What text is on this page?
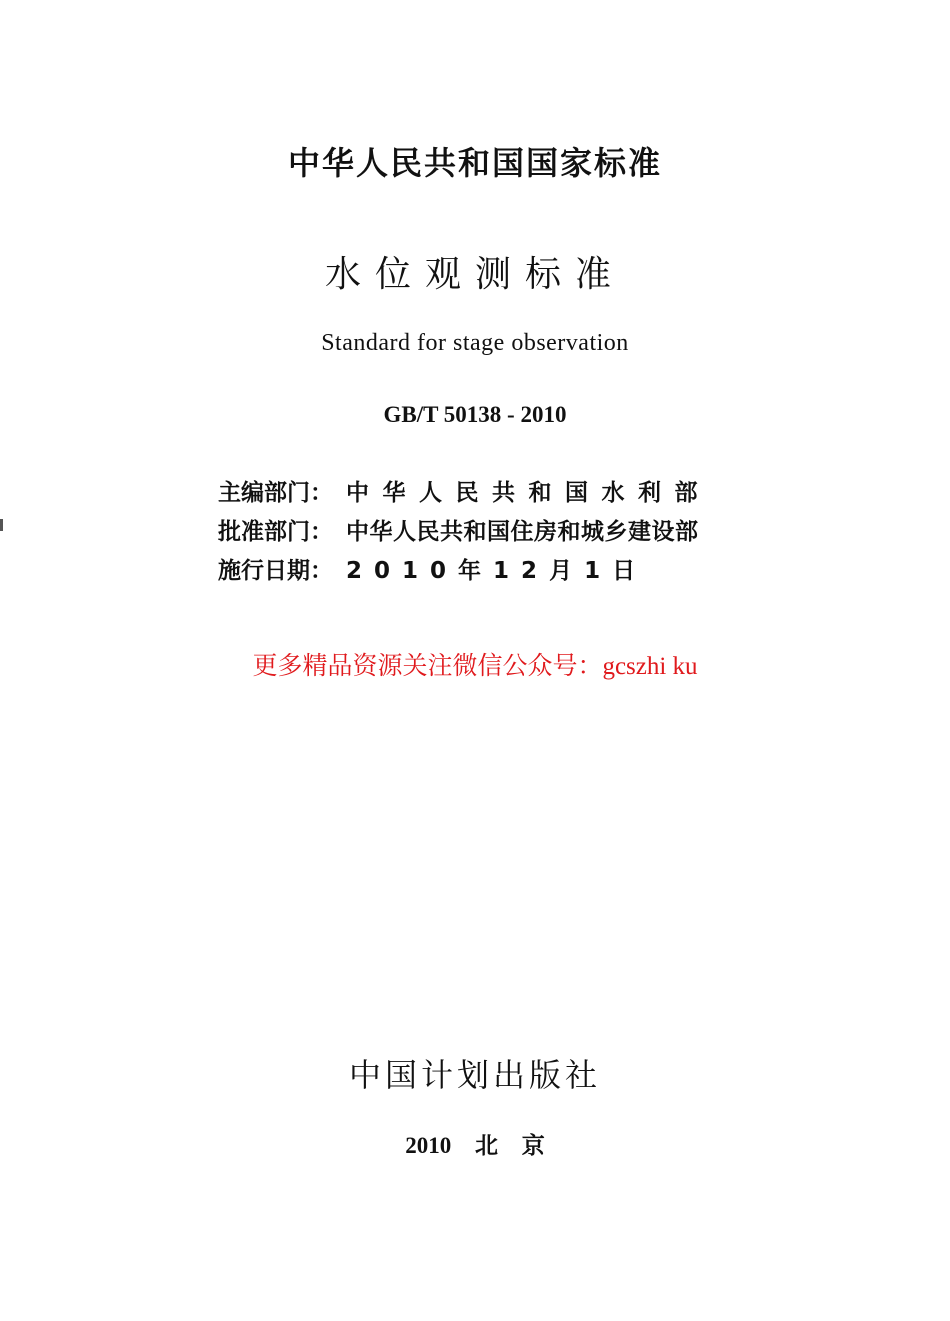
中华人民共和国国家标准
水位观测标准
Standard for stage observation
GB/T 50138 - 2010
主编部门： 中华人民共和国水利部
批准部门： 中华人民共和国住房和城乡建设部
施行日期： 2 0 1 0 年 1 2 月 1 日
更多精品资源关注微信公众号：gcszhi ku
中国计划出版社
2010 北 京
